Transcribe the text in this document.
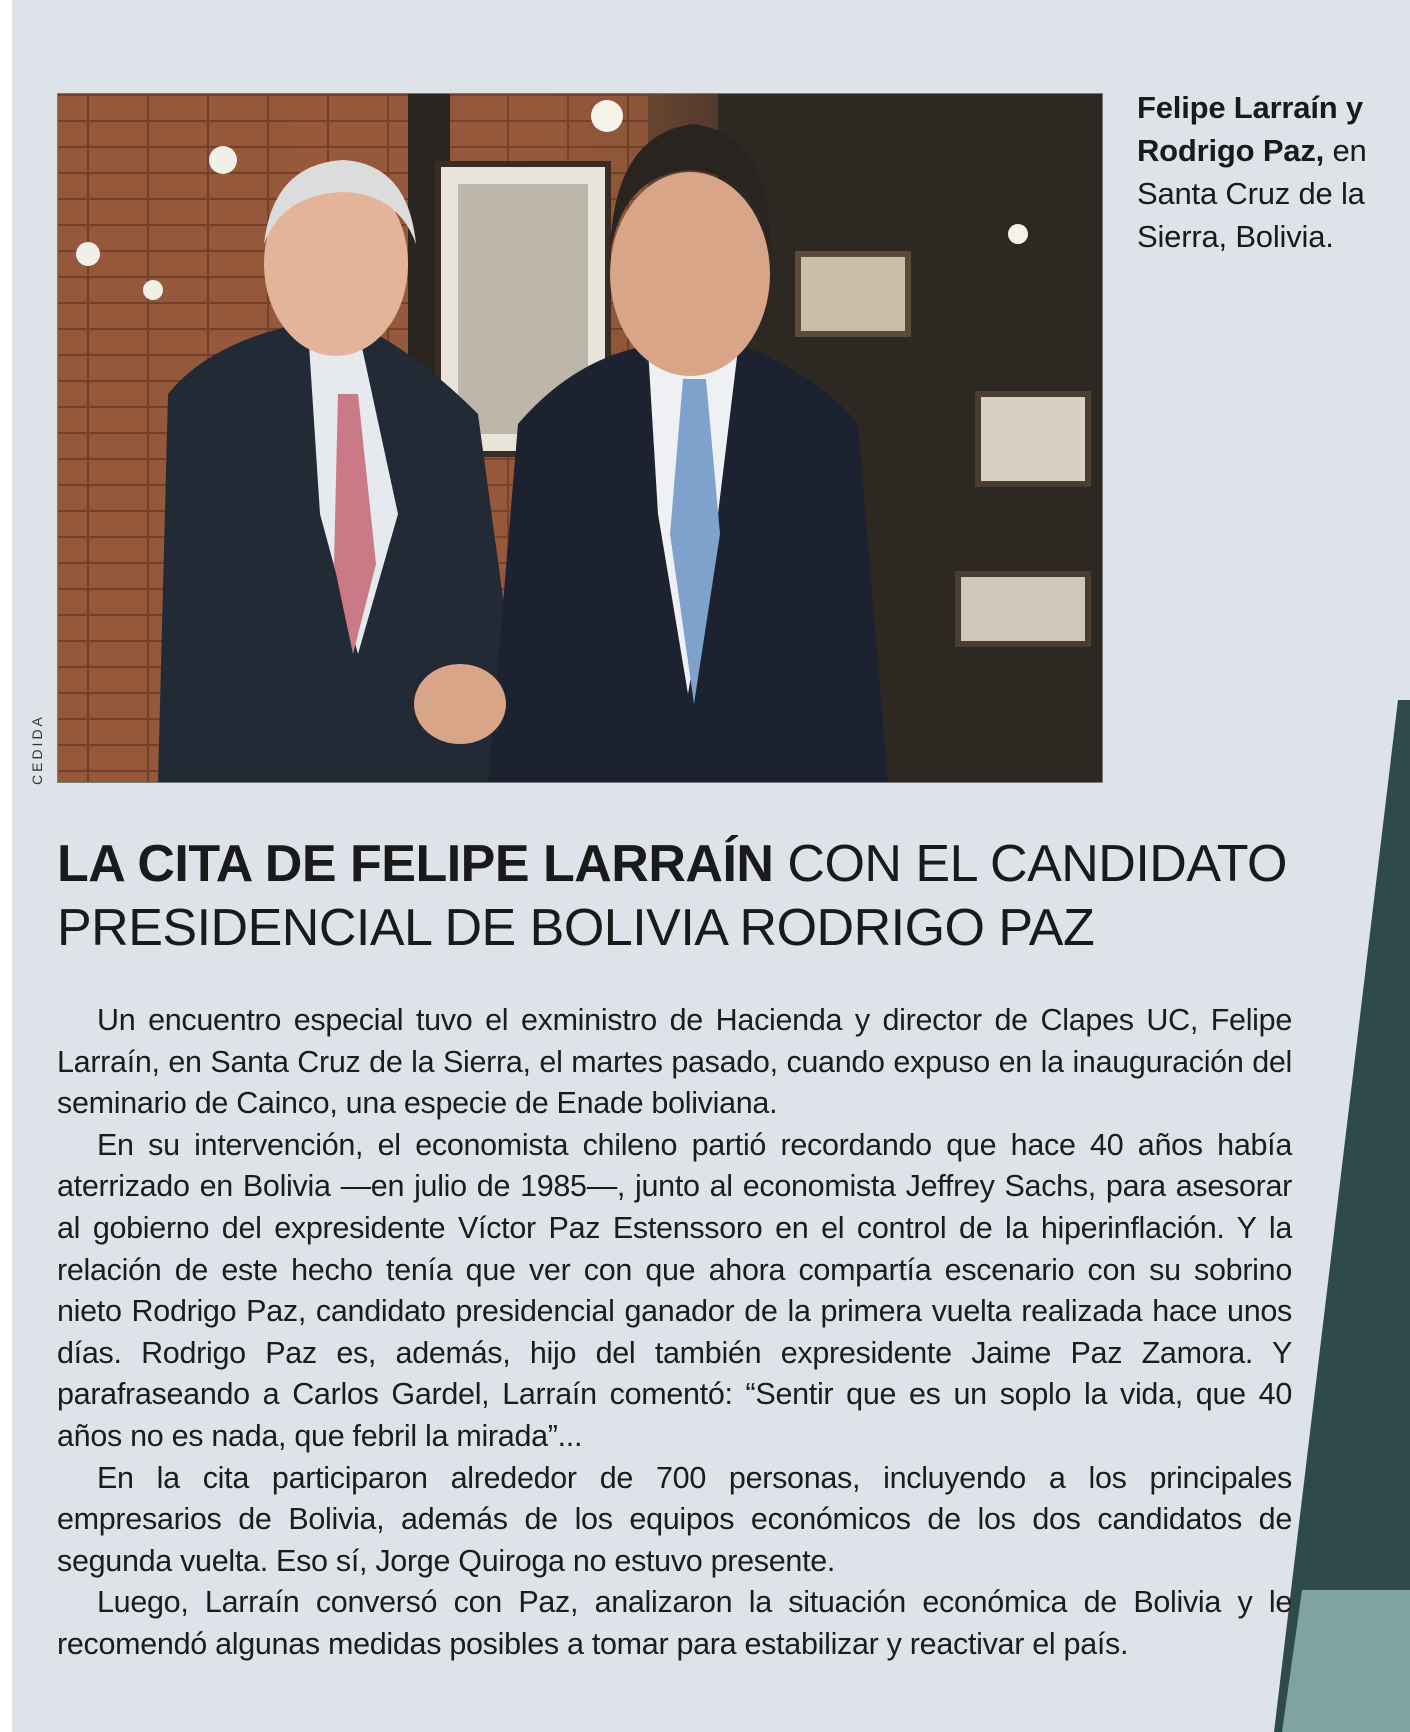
CEDIDA
Felipe Larraín y Rodrigo Paz, en Santa Cruz de la Sierra, Bolivia.
LA CITA DE FELIPE LARRAÍN CON EL CANDIDATO PRESIDENCIAL DE BOLIVIA RODRIGO PAZ

Un encuentro especial tuvo el exministro de Hacienda y director de Clapes UC, Felipe Larraín, en Santa Cruz de la Sierra, el martes pasado, cuando expuso en la inauguración del seminario de Cainco, una especie de Enade boliviana.

En su intervención, el economista chileno partió recordando que hace 40 años había aterrizado en Bolivia —en julio de 1985—, junto al economista Jeffrey Sachs, para asesorar al gobierno del expresidente Víctor Paz Estenssoro en el control de la hiperinflación. Y la relación de este hecho tenía que ver con que ahora compartía escenario con su sobrino nieto Rodrigo Paz, candidato presidencial ganador de la primera vuelta realizada hace unos días. Rodrigo Paz es, además, hijo del también expresidente Jaime Paz Zamora. Y parafraseando a Carlos Gardel, Larraín comentó: “Sentir que es un soplo la vida, que 40 años no es nada, que febril la mirada”...

En la cita participaron alrededor de 700 personas, incluyendo a los principales empresarios de Bolivia, además de los equipos económicos de los dos candidatos de segunda vuelta. Eso sí, Jorge Quiroga no estuvo presente.

Luego, Larraín conversó con Paz, analizaron la situación económica de Bolivia y le recomendó algunas medidas posibles a tomar para estabilizar y reactivar el país.
